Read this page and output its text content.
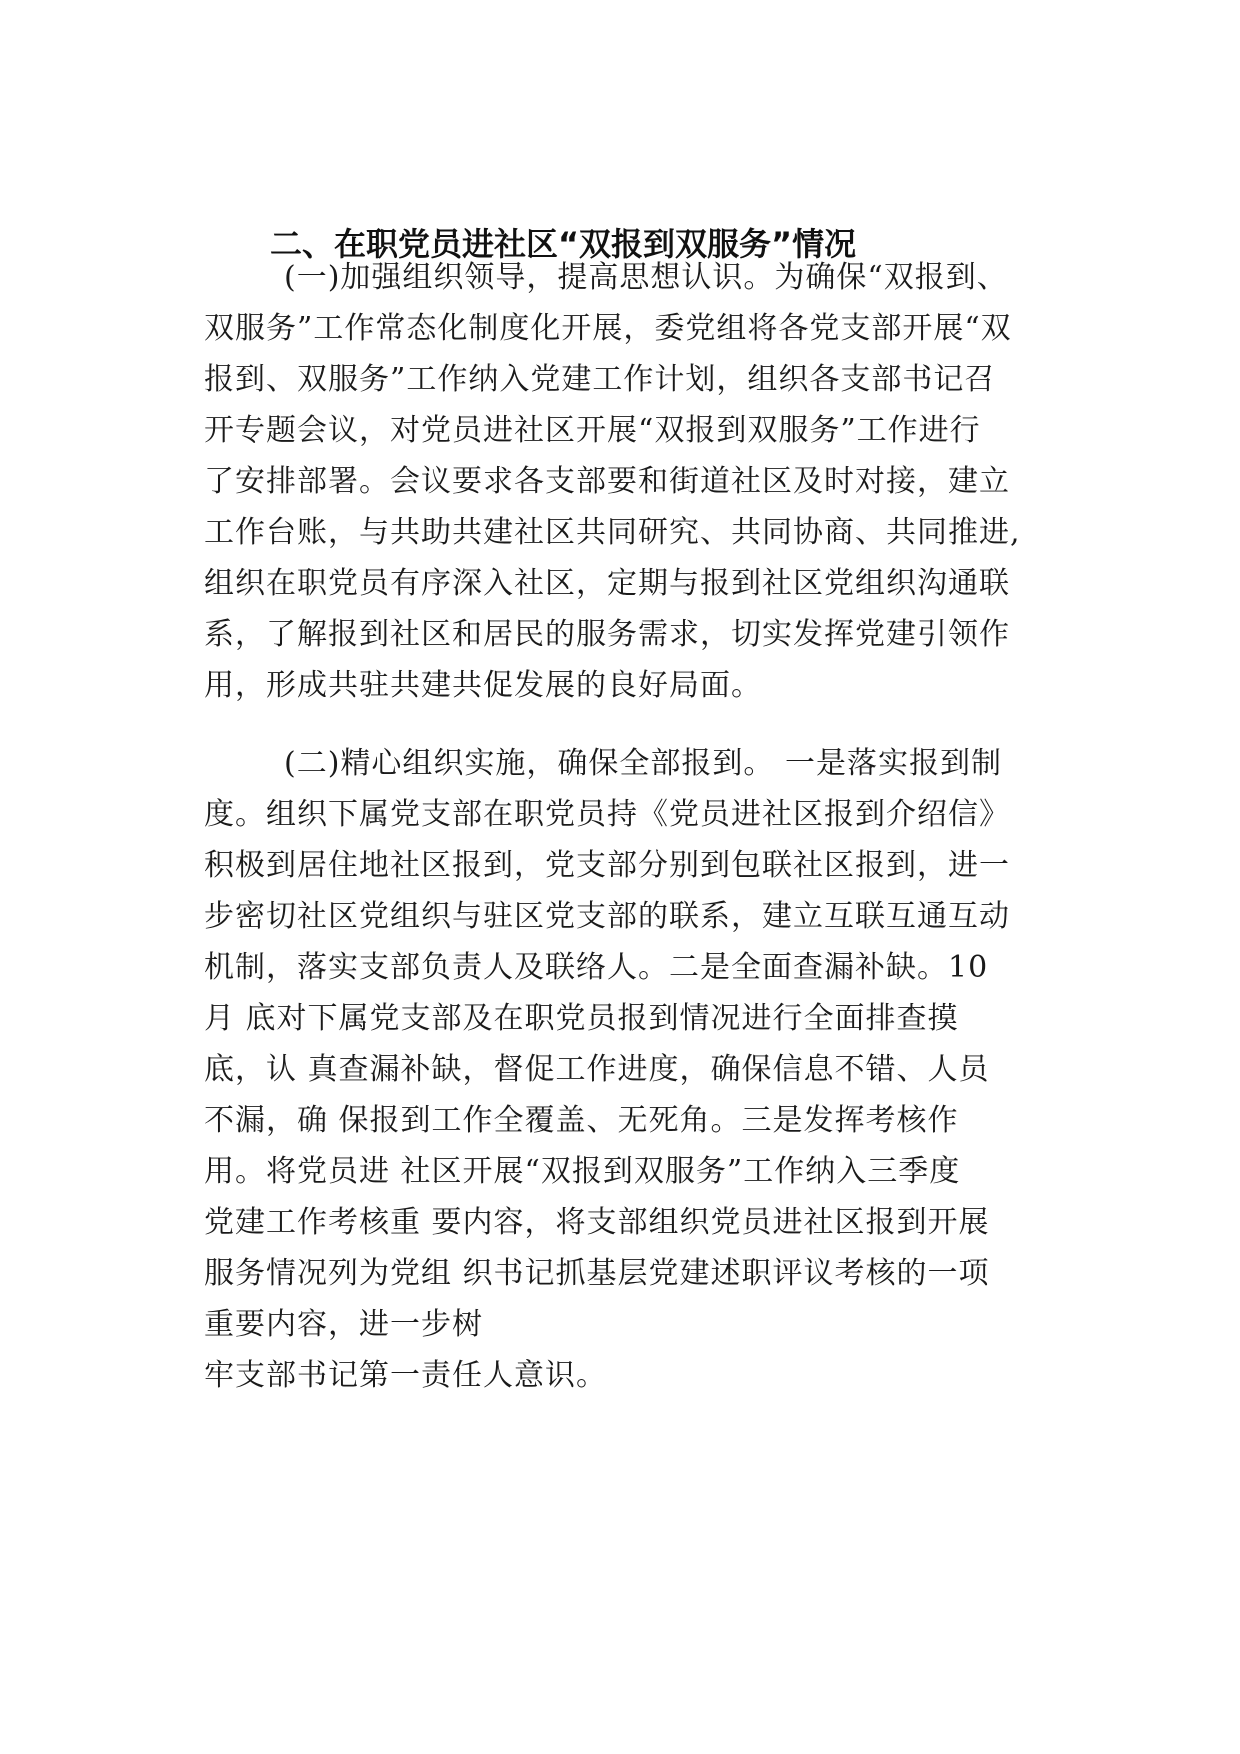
二、在职党员进社区“双报到双服务”情况
(一)加强组织领导，提高思想认识。为确保“双报到、
双服务”工作常态化制度化开展，委党组将各党支部开展“双
报到、双服务”工作纳入党建工作计划，组织各支部书记召
开专题会议，对党员进社区开展“双报到双服务”工作进行
了安排部署。会议要求各支部要和街道社区及时对接，建立
工作台账，与共助共建社区共同研究、共同协商、共同推进,
组织在职党员有序深入社区，定期与报到社区党组织沟通联
系，了解报到社区和居民的服务需求，切实发挥党建引领作
用，形成共驻共建共促发展的良好局面。
(二)精心组织实施，确保全部报到。 一是落实报到制
度。组织下属党支部在职党员持《党员进社区报到介绍信》
积极到居住地社区报到，党支部分别到包联社区报到，进一
步密切社区党组织与驻区党支部的联系，建立互联互通互动
机制，落实支部负责人及联络人。二是全面查漏补缺。10
月 底对下属党支部及在职党员报到情况进行全面排查摸
底，认 真查漏补缺，督促工作进度，确保信息不错、人员
不漏，确 保报到工作全覆盖、无死角。三是发挥考核作
用。将党员进 社区开展“双报到双服务”工作纳入三季度
党建工作考核重 要内容，将支部组织党员进社区报到开展
服务情况列为党组 织书记抓基层党建述职评议考核的一项
重要内容，进一步树
牢支部书记第一责任人意识。
